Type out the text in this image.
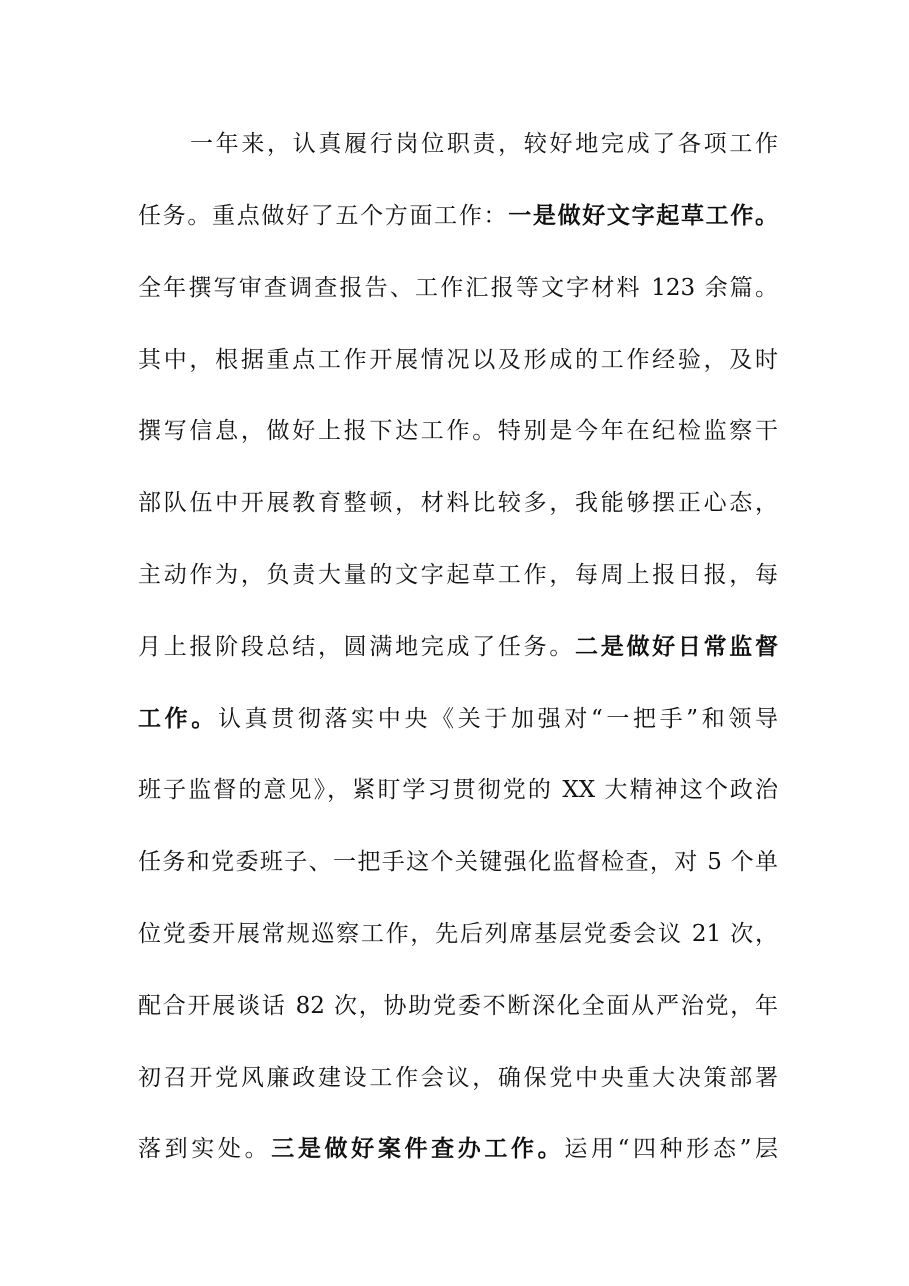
一年来，认真履行岗位职责，较好地完成了各项工作
任务。重点做好了五个方面工作：一是做好文字起草工作。
全年撰写审查调查报告、工作汇报等文字材料 123 余篇。
其中，根据重点工作开展情况以及形成的工作经验，及时
撰写信息，做好上报下达工作。特别是今年在纪检监察干
部队伍中开展教育整顿，材料比较多，我能够摆正心态，
主动作为，负责大量的文字起草工作，每周上报日报，每
月上报阶段总结，圆满地完成了任务。二是做好日常监督
工作。认真贯彻落实中央《关于加强对“一把手”和领导
班子监督的意见》，紧盯学习贯彻党的 XX 大精神这个政治
任务和党委班子、一把手这个关键强化监督检查，对 5 个单
位党委开展常规巡察工作，先后列席基层党委会议 21 次，
配合开展谈话 82 次，协助党委不断深化全面从严治党，年
初召开党风廉政建设工作会议，确保党中央重大决策部署
落到实处。三是做好案件查办工作。运用“四种形态”层
